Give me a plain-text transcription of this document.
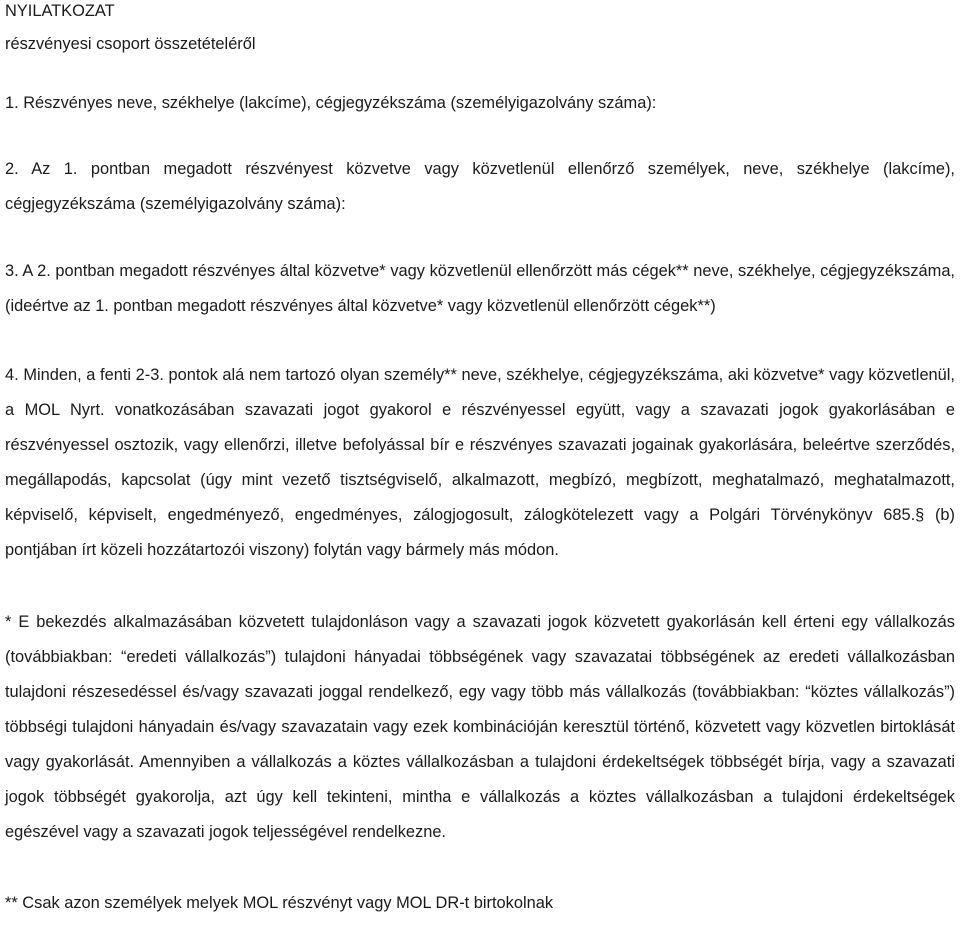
NYILATKOZAT
részvényesi csoport összetételéről

1. Részvényes neve, székhelye (lakcíme), cégjegyzékszáma (személyigazolvány száma):

2. Az 1. pontban megadott részvényest közvetve vagy közvetlenül ellenőrző személyek, neve, székhelye (lakcíme), cégjegyzékszáma (személyigazolvány száma):

3. A 2. pontban megadott részvényes által közvetve* vagy közvetlenül ellenőrzött más cégek** neve, székhelye, cégjegyzékszáma, (ideértve az 1. pontban megadott részvényes által közvetve* vagy közvetlenül ellenőrzött cégek**)

4. Minden, a fenti 2-3. pontok alá nem tartozó olyan személy** neve, székhelye, cégjegyzékszáma, aki közvetve* vagy közvetlenül, a MOL Nyrt. vonatkozásában szavazati jogot gyakorol e részvényessel együtt, vagy a szavazati jogok gyakorlásában e részvényessel osztozik, vagy ellenőrzi, illetve befolyással bír e részvényes szavazati jogainak gyakorlására, beleértve szerződés, megállapodás, kapcsolat (úgy mint vezető tisztségviselő, alkalmazott, megbízó, megbízott, meghatalmazó, meghatalmazott, képviselő, képviselt, engedményező, engedményes, zálogjogosult, zálogkötelezett vagy a Polgári Törvénykönyv 685.§ (b) pontjában írt közeli hozzátartozói viszony) folytán vagy bármely más módon.

* E bekezdés alkalmazásában közvetett tulajdonláson vagy a szavazati jogok közvetett gyakorlásán kell érteni egy vállalkozás (továbbiakban: “eredeti vállalkozás”) tulajdoni hányadai többségének vagy szavazatai többségének az eredeti vállalkozásban tulajdoni részesedéssel és/vagy szavazati joggal rendelkező, egy vagy több más vállalkozás (továbbiakban: “köztes vállalkozás”) többségi tulajdoni hányadain és/vagy szavazatain vagy ezek kombinációján keresztül történő, közvetett vagy közvetlen birtoklását vagy gyakorlását. Amennyiben a vállalkozás a köztes vállalkozásban a tulajdoni érdekeltségek többségét bírja, vagy a szavazati jogok többségét gyakorolja, azt úgy kell tekinteni, mintha e vállalkozás a köztes vállalkozásban a tulajdoni érdekeltségek egészével vagy a szavazati jogok teljességével rendelkezne.

** Csak azon személyek melyek MOL részvényt vagy MOL DR-t birtokolnak
